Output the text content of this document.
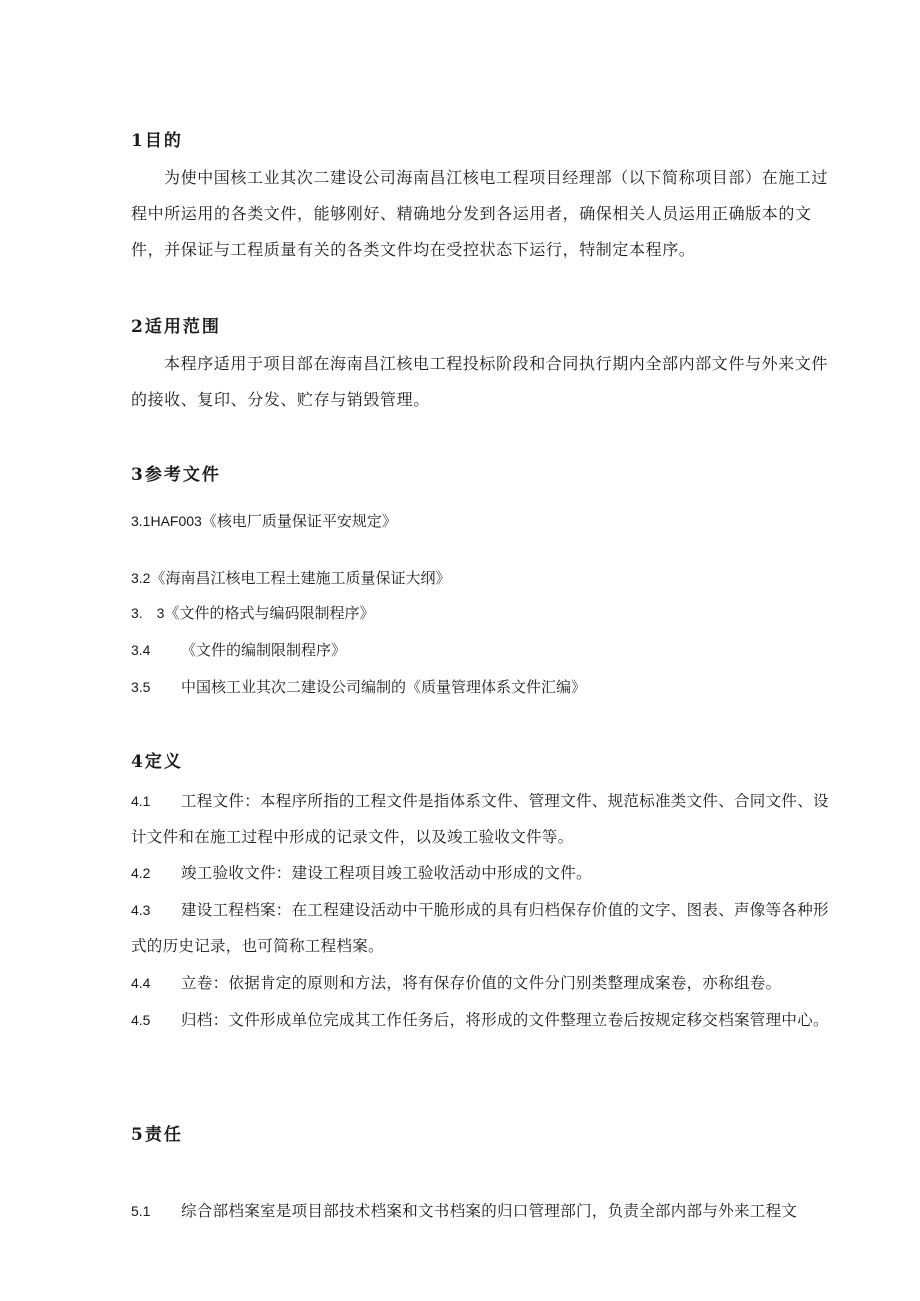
1目的
为使中国核工业其次二建设公司海南昌江核电工程项目经理部（以下简称项目部）在施工过程中所运用的各类文件，能够刚好、精确地分发到各运用者，确保相关人员运用正确版本的文件，并保证与工程质量有关的各类文件均在受控状态下运行，特制定本程序。
2适用范围
本程序适用于项目部在海南昌江核电工程投标阶段和合同执行期内全部内部文件与外来文件的接收、复印、分发、贮存与销毁管理。
3参考文件
3.1HAF003《核电厂质量保证平安规定》
3.2《海南昌江核电工程土建施工质量保证大纲》
3.　3《文件的格式与编码限制程序》
3.4 《文件的编制限制程序》
3.5 中国核工业其次二建设公司编制的《质量管理体系文件汇编》
4定义
4.1 工程文件：本程序所指的工程文件是指体系文件、管理文件、规范标准类文件、合同文件、设计文件和在施工过程中形成的记录文件，以及竣工验收文件等。
4.2 竣工验收文件：建设工程项目竣工验收活动中形成的文件。
4.3 建设工程档案：在工程建设活动中干脆形成的具有归档保存价值的文字、图表、声像等各种形式的历史记录，也可简称工程档案。
4.4 立卷：依据肯定的原则和方法，将有保存价值的文件分门别类整理成案卷，亦称组卷。
4.5 归档：文件形成单位完成其工作任务后，将形成的文件整理立卷后按规定移交档案管理中心。
5责任
5.1 综合部档案室是项目部技术档案和文书档案的归口管理部门，负责全部内部与外来工程文
